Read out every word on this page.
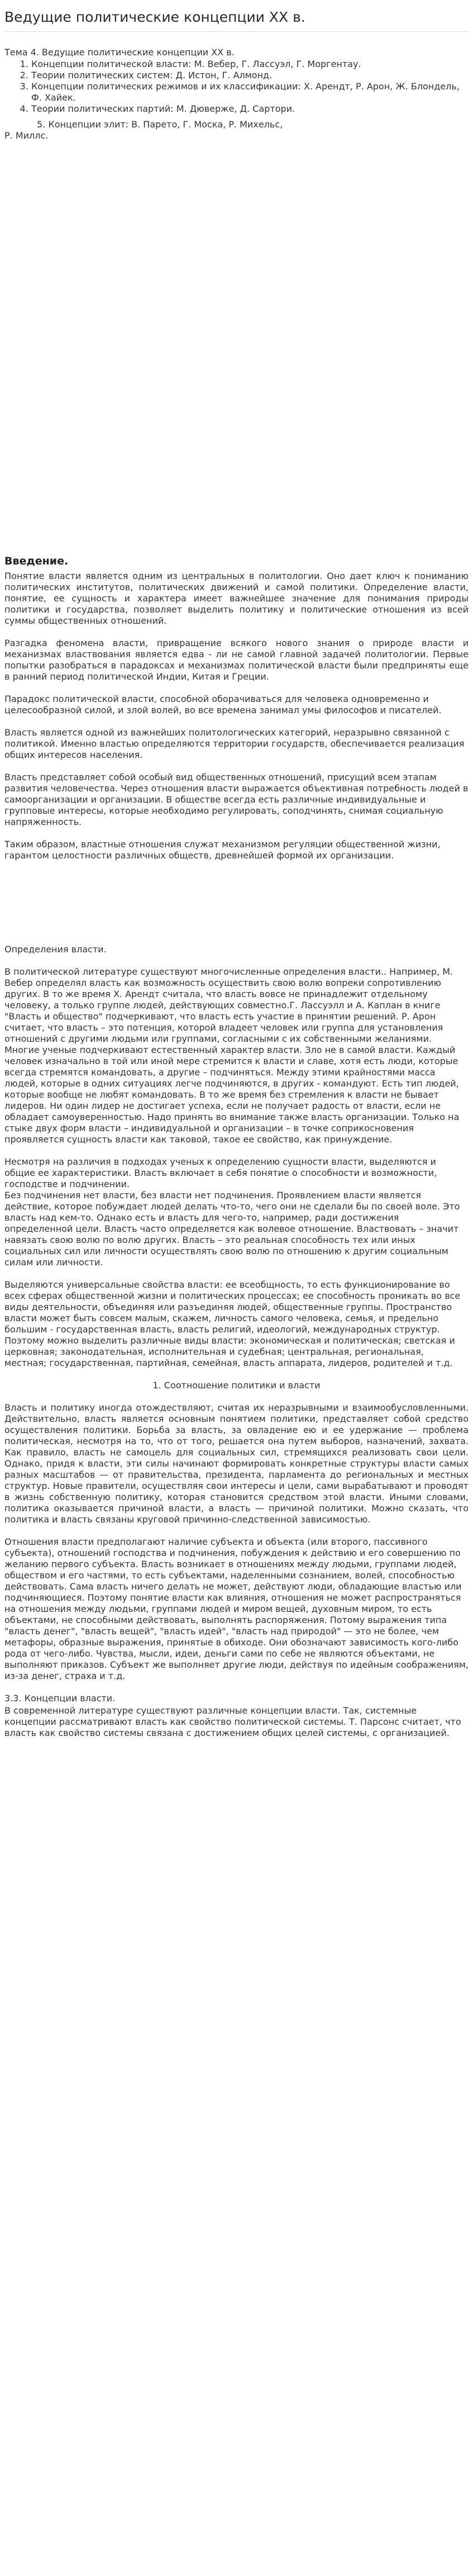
Ведущие политические концепции ХХ в.

Тема 4. Ведущие политические концепции ХХ в.

1. Концепции политической власти: М. Вебер, Г. Лассуэл, Г. Моргентау.
2. Теории политических систем: Д. Истон, Г. Алмонд.
3. Концепции политических режимов и их классификации: Х. Арендт, Р. Арон, Ж. Блондель, Ф. Хайек.
4. Теории политических партий: М. Дюверже, Д. Сартори.
5. Концепции элит: В. Парето, Г. Моска, Р. Михельс,
Р. Миллс.
Введение.

Понятие власти является одним из центральных в политологии. Оно дает ключ к пониманию политических институтов, политических движений и самой политики. Определение власти, понятие, ее сущность и характера имеет важнейшее значение для понимания природы политики и государства, позволяет выделить политику и политические отношения из всей суммы общественных отношений.

Разгадка феномена власти, привращение всякого нового знания о природе власти и механизмах властвования является едва - ли не самой главной задачей политологии. Первые попытки разобраться в парадоксах и механизмах политической власти были предприняты еще в ранний период политической Индии, Китая и Греции.

Парадокс политической власти, способной оборачиваться для человека одновременно и целесообразной силой, и злой волей, во все времена занимал умы философов и писателей.

Власть является одной из важнейших политологических категорий, неразрывно связанной с политикой. Именно властью определяются территории государств, обеспечивается реализация общих интересов населения.

Власть представляет собой особый вид общественных отношений, присущий всем этапам развития человечества. Через отношения власти выражается объективная потребность людей в самоорганизации и организации. В обществе всегда есть различные индивидуальные и групповые интересы, которые необходимо регулировать, соподчинять, снимая социальную напряженность.

Таким образом, властные отношения служат механизмом регуляции общественной жизни, гарантом целостности различных обществ, древнейшей формой их организации.

Определения власти.

В политической литературе существуют многочисленные определения власти.. Например, М. Вебер определял власть как возможность осуществить свою волю вопреки сопротивлению других. В то же время Х. Арендт считала, что власть вовсе не принадлежит отдельному человеку, а только группе людей, действующих совместно.Г. Лассуэлл и А. Каплан в книге "Власть и общество" подчеркивают, что власть есть участие в принятии решений. Р. Арон считает, что власть – это потенция, которой владеет человек или группа для установления отношений с другими людьми или группами, согласными с их собственными желаниями. Многие ученые подчеркивают естественный характер власти. Зло не в самой власти. Каждый человек изначально в той или иной мере стремится к власти и славе, хотя есть люди, которые всегда стремятся командовать, а другие – подчиняться. Между этими крайностями масса людей, которые в одних ситуациях легче подчиняются, в других - командуют. Есть тип людей, которые вообще не любят командовать. В то же время без стремления к власти не бывает лидеров. Ни один лидер не достигает успеха, если не получает радость от власти, если не обладает самоуверенностью. Надо принять во внимание также власть организации. Только на стыке двух форм власти – индивидуальной и организации – в точке соприкосновения проявляется сущность власти как таковой, такое ее свойство, как принуждение.

Несмотря на различия в подходах ученых к определению сущности власти, выделяются и общие ее характеристики. Власть включает в себя понятие о способности и возможности, господстве и подчинении.
Без подчинения нет власти, без власти нет подчинения. Проявлением власти является действие, которое побуждает людей делать что-то, чего они не сделали бы по своей воле. Это власть над кем-то. Однако есть и власть для чего-то, например, ради достижения определенной цели. Власть часто определяется как волевое отношение. Властвовать – значит навязать свою волю по волю других. Власть – это реальная способность тех или иных социальных сил или личности осуществлять свою волю по отношению к другим социальным силам или личности.

Выделяются универсальные свойства власти: ее всеобщность, то есть функционирование во всех сферах общественной жизни и политических процессах; ее способность проникать во все виды деятельности, объединяя или разъединяя людей, общественные группы. Пространство власти может быть совсем малым, скажем, личность самого человека, семья, и предельно большим - государственная власть, власть религий, идеологий, международных структур. Поэтому можно выделить различные виды власти: экономическая и политическая; светская и церковная; законодательная, исполнительная и судебная; центральная, региональная, местная; государственная, партийная, семейная, власть аппарата, лидеров, родителей и т.д.

1. Соотношение политики и власти

Власть и политику иногда отождествляют, считая их неразрывными и взаимообусловленными. Действительно, власть является основным понятием политики, представляет собой средство осуществления политики. Борьба за власть, за овладение ею и ее удержание — проблема политическая, несмотря на то, что от того, решается она путем выборов, назначений, захвата. Как правило, власть не самоцель для социальных сил, стремящихся реализовать свои цели. Однако, придя к власти, эти силы начинают формировать конкретные структуры власти самых разных масштабов — от правительства, президента, парламента до региональных и местных структур. Новые правители, осуществляя свои интересы и цели, сами вырабатывают и проводят в жизнь собственную политику, которая становится средством этой власти. Иными словами, политика оказывается причиной власти, а власть — причиной политики. Можно сказать, что политика и власть связаны круговой причинно-следственной зависимостью.

Отношения власти предполагают наличие субъекта и объекта (или второго, пассивного субъекта), отношений господства и подчинения, побуждения к действию и его совершению по желанию первого субъекта. Власть возникает в отношениях между людьми, группами людей, обществом и его частями, то есть субъектами, наделенными сознанием, волей, способностью действовать. Сама власть ничего делать не может, действуют люди, обладающие властью или подчиняющиеся. Поэтому понятие власти как влияния, отношения не может распространяться на отношения между людьми, группами людей и миром вещей, духовным миром, то есть объектами, не способными действовать, выполнять распоряжения. Потому выражения типа "власть денег", "власть вещей", "власть идей", "власть над природой" — это не более, чем метафоры, образные выражения, принятые в обиходе. Они обозначают зависимость кого-либо рода от чего-либо. Чувства, мысли, идеи, деньги сами по себе не являются объектами, не выполняют приказов. Субъект же выполняет другие люди, действуя по идейным соображениям, из-за денег, страха и т.д.

3.3. Концепции власти.

В современной литературе существуют различные концепции власти. Так, системные концепции рассматривают власть как свойство политической системы. Т. Парсонс считает, что власть как свойство системы связана с достижением общих целей системы, с организацией.
